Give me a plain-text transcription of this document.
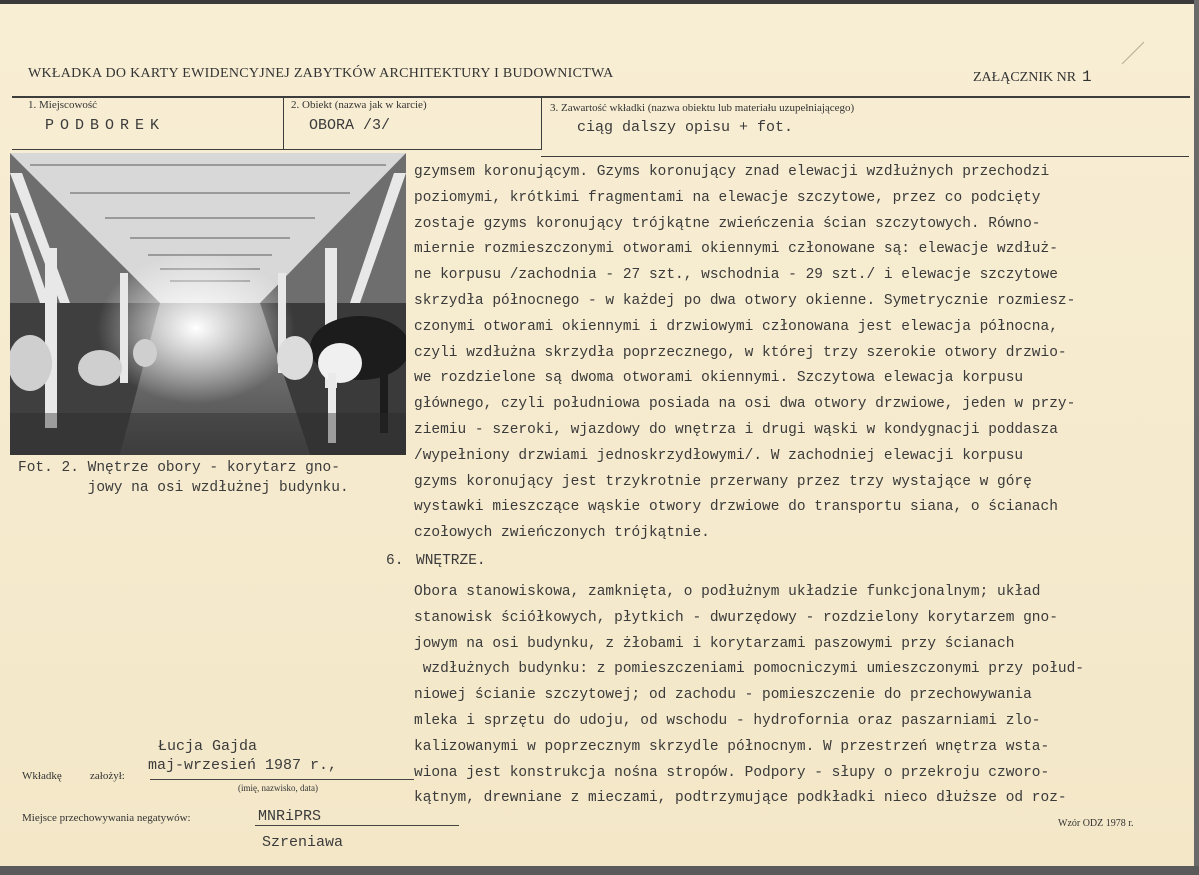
WKŁADKA DO KARTY EWIDENCYJNEJ ZABYTKÓW ARCHITEKTURY I BUDOWNICTWA	ZAŁĄCZNIK NR 1
1. Miejscowość
PODBOREK
2. Obiekt (nazwa jak w karcie)
OBORA /3/
3. Zawartość wkładki (nazwa obiektu lub materiału uzupełniającego)
ciąg dalszy opisu + fot.
Fot. 2. Wnętrze obory - korytarz gno-
jowy na osi wzdłużnej budynku.
gzymsem koronującym. Gzyms koronujący znad elewacji wzdłużnych przechodzi
poziomymi, krótkimi fragmentami na elewacje szczytowe, przez co podcięty
zostaje gzyms koronujący trójkątne zwieńczenia ścian szczytowych. Równo-
miernie rozmieszczonymi otworami okiennymi członowane są: elewacje wzdłuż-
ne korpusu /zachodnia - 27 szt., wschodnia - 29 szt./ i elewacje szczytowe
skrzydła północnego - w każdej po dwa otwory okienne. Symetrycznie rozmiesz-
czonymi otworami okiennymi i drzwiowymi członowana jest elewacja północna,
czyli wzdłużna skrzydła poprzecznego, w której trzy szerokie otwory drzwio-
we rozdzielone są dwoma otworami okiennymi. Szczytowa elewacja korpusu
głównego, czyli południowa posiada na osi dwa otwory drzwiowe, jeden w przy-
ziemiu - szeroki, wjazdowy do wnętrza i drugi wąski w kondygnacji poddasza
/wypełniony drzwiami jednoskrzydłowymi/. W zachodniej elewacji korpusu
gzyms koronujący jest trzykrotnie przerwany przez trzy wystające w górę
wystawki mieszczące wąskie otwory drzwiowe do transportu siana, o ścianach
czołowych zwieńczonych trójkątnie.
6. WNĘTRZE.
Obora stanowiskowa, zamknięta, o podłużnym układzie funkcjonalnym; układ
stanowisk ściółkowych, płytkich - dwurzędowy - rozdzielony korytarzem gno-
jowym na osi budynku, z żłobami i korytarzami paszowymi przy ścianach
wzdłużnych budynku: z pomieszczeniami pomocniczymi umieszczonymi przy połud-
niowej ścianie szczytowej; od zachodu - pomieszczenie do przechowywania
mleka i sprzętu do udoju, od wschodu - hydrofornia oraz paszarniami zlo-
kalizowanymi w poprzecznym skrzydle północnym. W przestrzeń wnętrza wsta-
wiona jest konstrukcja nośna stropów. Podpory - słupy o przekroju czworo-
kątnym, drewniane z mieczami, podtrzymujące podkładki nieco dłuższe od roz-
Łucja Gajda
maj-wrzesień 1987 r.,
Wkładkę	założył:
(imię, nazwisko, data)
Miejsce przechowywania negatywów:	MNRiPRS
Szreniawa
Wzór ODZ 1978 r.
